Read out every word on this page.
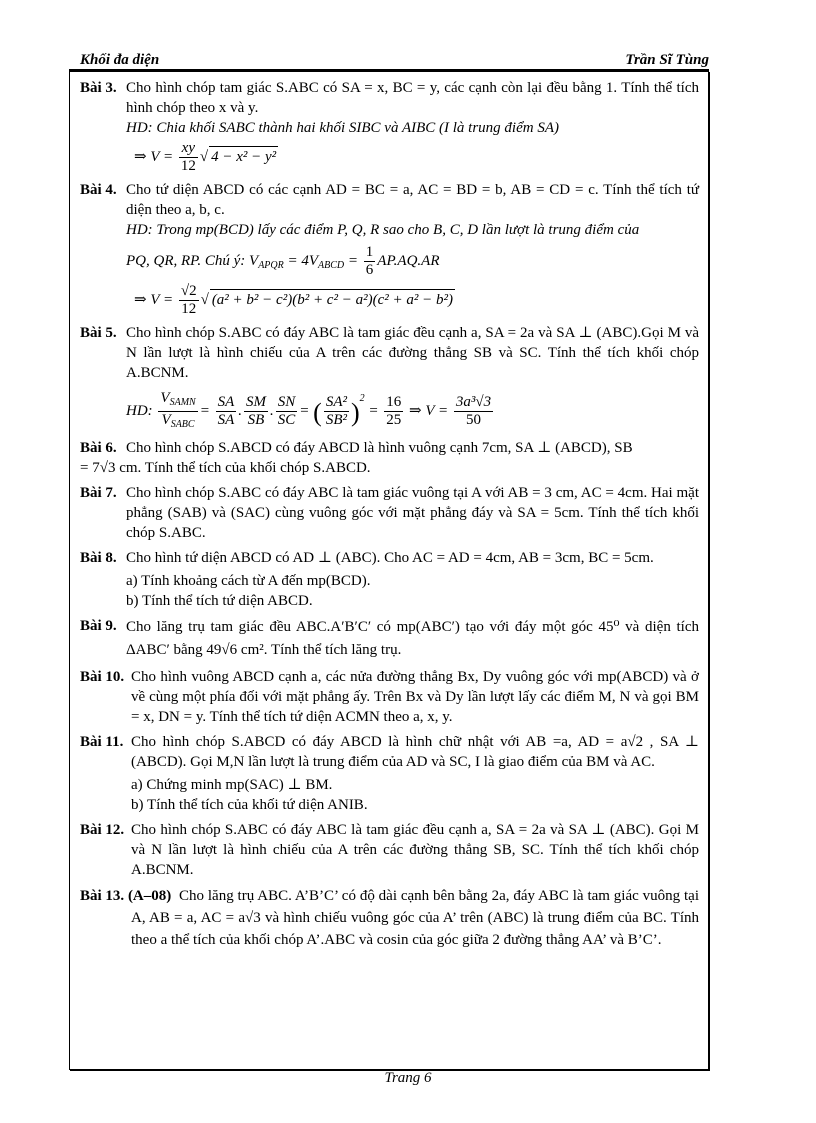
Khối đa diện	Trần Sĩ Tùng
Bài 3. Cho hình chóp tam giác S.ABC có SA = x, BC = y, các cạnh còn lại đều bằng 1. Tính thể tích hình chóp theo x và y.
HD: Chia khối SABC thành hai khối SIBC và AIBC (I là trung điểm SA)
⇒ $V = \frac{xy}{12}$ √ 4 − x² − y²
Bài 4. Cho tứ diện ABCD có các cạnh AD = BC = a, AC = BD = b, AB = CD = c. Tính thể tích tứ diện theo a, b, c.
HD: Trong mp(BCD) lấy các điểm P, Q, R sao cho B, C, D lần lượt là trung điểm của
PQ, QR, RP. Chú ý: $V_{APQR} = 4V_{ABCD} = \frac{1}{6} AP.AQ.AR$
⇒ $V = \frac{√2}{12}$ √ (a² + b² − c²)(b² + c² − a²)(c² + a² − b²)
Bài 5. Cho hình chóp S.ABC có đáy ABC là tam giác đều cạnh a, SA = 2a và SA ⊥ (ABC).Gọi M và N lần lượt là hình chiếu của A trên các đường thẳng SB và SC. Tính thể tích khối chóp A.BCNM.
HD: $\frac{V_{SAMN}}{V_{SABC}} = \frac{SA}{SA}$ . $\frac{SM}{SB}$ . $\frac{SN}{SC}$ = ( $\frac{\text{SA²}}{\text{SB²}} )^2 = \frac{16}{25}$ ⇒ $V = \frac{\text{3a³√3}}{50}$
Bài 6. Cho hình chóp S.ABCD có đáy ABCD là hình vuông cạnh 7cm, SA ⊥ (ABCD), SB
= 7√3 cm. Tính thể tích của khối chóp S.ABCD.
Bài 7. Cho hình chóp S.ABC có đáy ABC là tam giác vuông tại A với AB = 3 cm, AC = 4cm. Hai mặt phẳng (SAB) và (SAC) cùng vuông góc với mặt phẳng đáy và SA = 5cm. Tính thể tích khối chóp S.ABC.
Bài 8. Cho hình tứ diện ABCD có AD ⊥ (ABC). Cho AC = AD = 4cm, AB = 3cm, BC = 5cm.
a) Tính khoảng cách từ A đến mp(BCD).
b) Tính thể tích tứ diện ABCD.
Bài 9. Cho lăng trụ tam giác đều ABC.A′B′C′ có mp(ABC′) tạo với đáy một góc 45⁰ và diện tích ΔABC′ bằng 49√6 cm². Tính thể tích lăng trụ.
Bài 10. Cho hình vuông ABCD cạnh a, các nửa đường thẳng Bx, Dy vuông góc với mp(ABCD) và ở về cùng một phía đối với mặt phẳng ấy. Trên Bx và Dy lần lượt lấy các điểm M, N và gọi BM = x, DN = y. Tính thể tích tứ diện ACMN theo a, x, y.
Bài 11. Cho hình chóp S.ABCD có đáy ABCD là hình chữ nhật với AB =a, AD = a√2 , SA ⊥ (ABCD). Gọi M,N lần lượt là trung điểm của AD và SC, I là giao điểm của BM và AC.
a) Chứng minh mp(SAC) ⊥ BM.
b) Tính thể tích của khối tứ diện ANIB.
Bài 12. Cho hình chóp S.ABC có đáy ABC là tam giác đều cạnh a, SA = 2a và SA ⊥ (ABC). Gọi M và N lần lượt là hình chiếu của A trên các đường thẳng SB, SC. Tính thể tích khối chóp A.BCNM.
Bài 13. (A–08) Cho lăng trụ ABC. A’B’C’ có độ dài cạnh bên bằng 2a, đáy ABC là tam giác vuông tại A, AB = a, AC = a√3 và hình chiếu vuông góc của A’ trên (ABC) là trung điểm của BC. Tính theo a thể tích của khối chóp A’.ABC và cosin của góc giữa 2 đường thẳng AA’ và B’C’.
Trang 6
